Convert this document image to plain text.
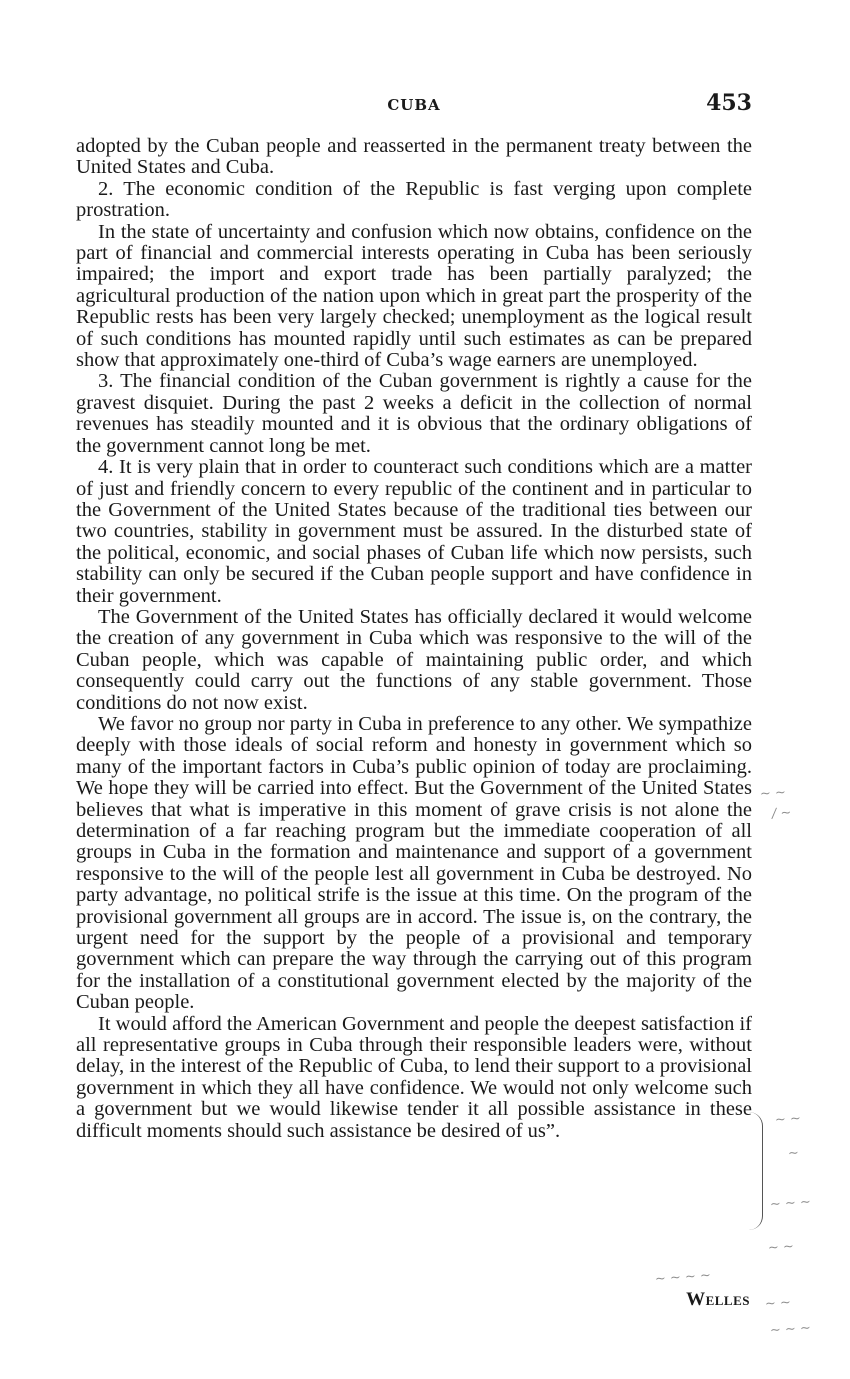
CUBA	453

adopted by the Cuban people and reasserted in the permanent treaty between the United States and Cuba.

2. The economic condition of the Republic is fast verging upon complete prostration.

In the state of uncertainty and confusion which now obtains, confidence on the part of financial and commercial interests operating in Cuba has been seriously impaired; the import and export trade has been partially paralyzed; the agricultural production of the nation upon which in great part the prosperity of the Republic rests has been very largely checked; unemployment as the logical result of such conditions has mounted rapidly until such estimates as can be prepared show that approximately one-third of Cuba’s wage earners are unemployed.

3. The financial condition of the Cuban government is rightly a cause for the gravest disquiet. During the past 2 weeks a deficit in the collection of normal revenues has steadily mounted and it is obvious that the ordinary obligations of the government cannot long be met.

4. It is very plain that in order to counteract such conditions which are a matter of just and friendly concern to every republic of the continent and in particular to the Government of the United States because of the traditional ties between our two countries, stability in government must be assured. In the disturbed state of the political, economic, and social phases of Cuban life which now persists, such stability can only be secured if the Cuban people support and have confidence in their government.

The Government of the United States has officially declared it would welcome the creation of any government in Cuba which was responsive to the will of the Cuban people, which was capable of maintaining public order, and which consequently could carry out the functions of any stable government. Those conditions do not now exist.

We favor no group nor party in Cuba in preference to any other. We sympathize deeply with those ideals of social reform and honesty in government which so many of the important factors in Cuba’s public opinion of today are proclaiming. We hope they will be carried into effect. But the Government of the United States believes that what is imperative in this moment of grave crisis is not alone the determination of a far reaching program but the immediate cooperation of all groups in Cuba in the formation and maintenance and support of a government responsive to the will of the people lest all government in Cuba be destroyed. No party advantage, no political strife is the issue at this time. On the program of the provisional government all groups are in accord. The issue is, on the contrary, the urgent need for the support by the people of a provisional and temporary government which can prepare the way through the carrying out of this program for the installation of a constitutional government elected by the majority of the Cuban people.

It would afford the American Government and people the deepest satisfaction if all representative groups in Cuba through their responsible leaders were, without delay, in the interest of the Republic of Cuba, to lend their support to a provisional government in which they all have confidence. We would not only welcome such a government but we would likewise tender it all possible assistance in these difficult moments should such assistance be desired of us”.

Welles
~ ~
/ ~
~ ~
~
~ ~ ~
~ ~
~ ~ ~ ~
~ ~
~ ~ ~
